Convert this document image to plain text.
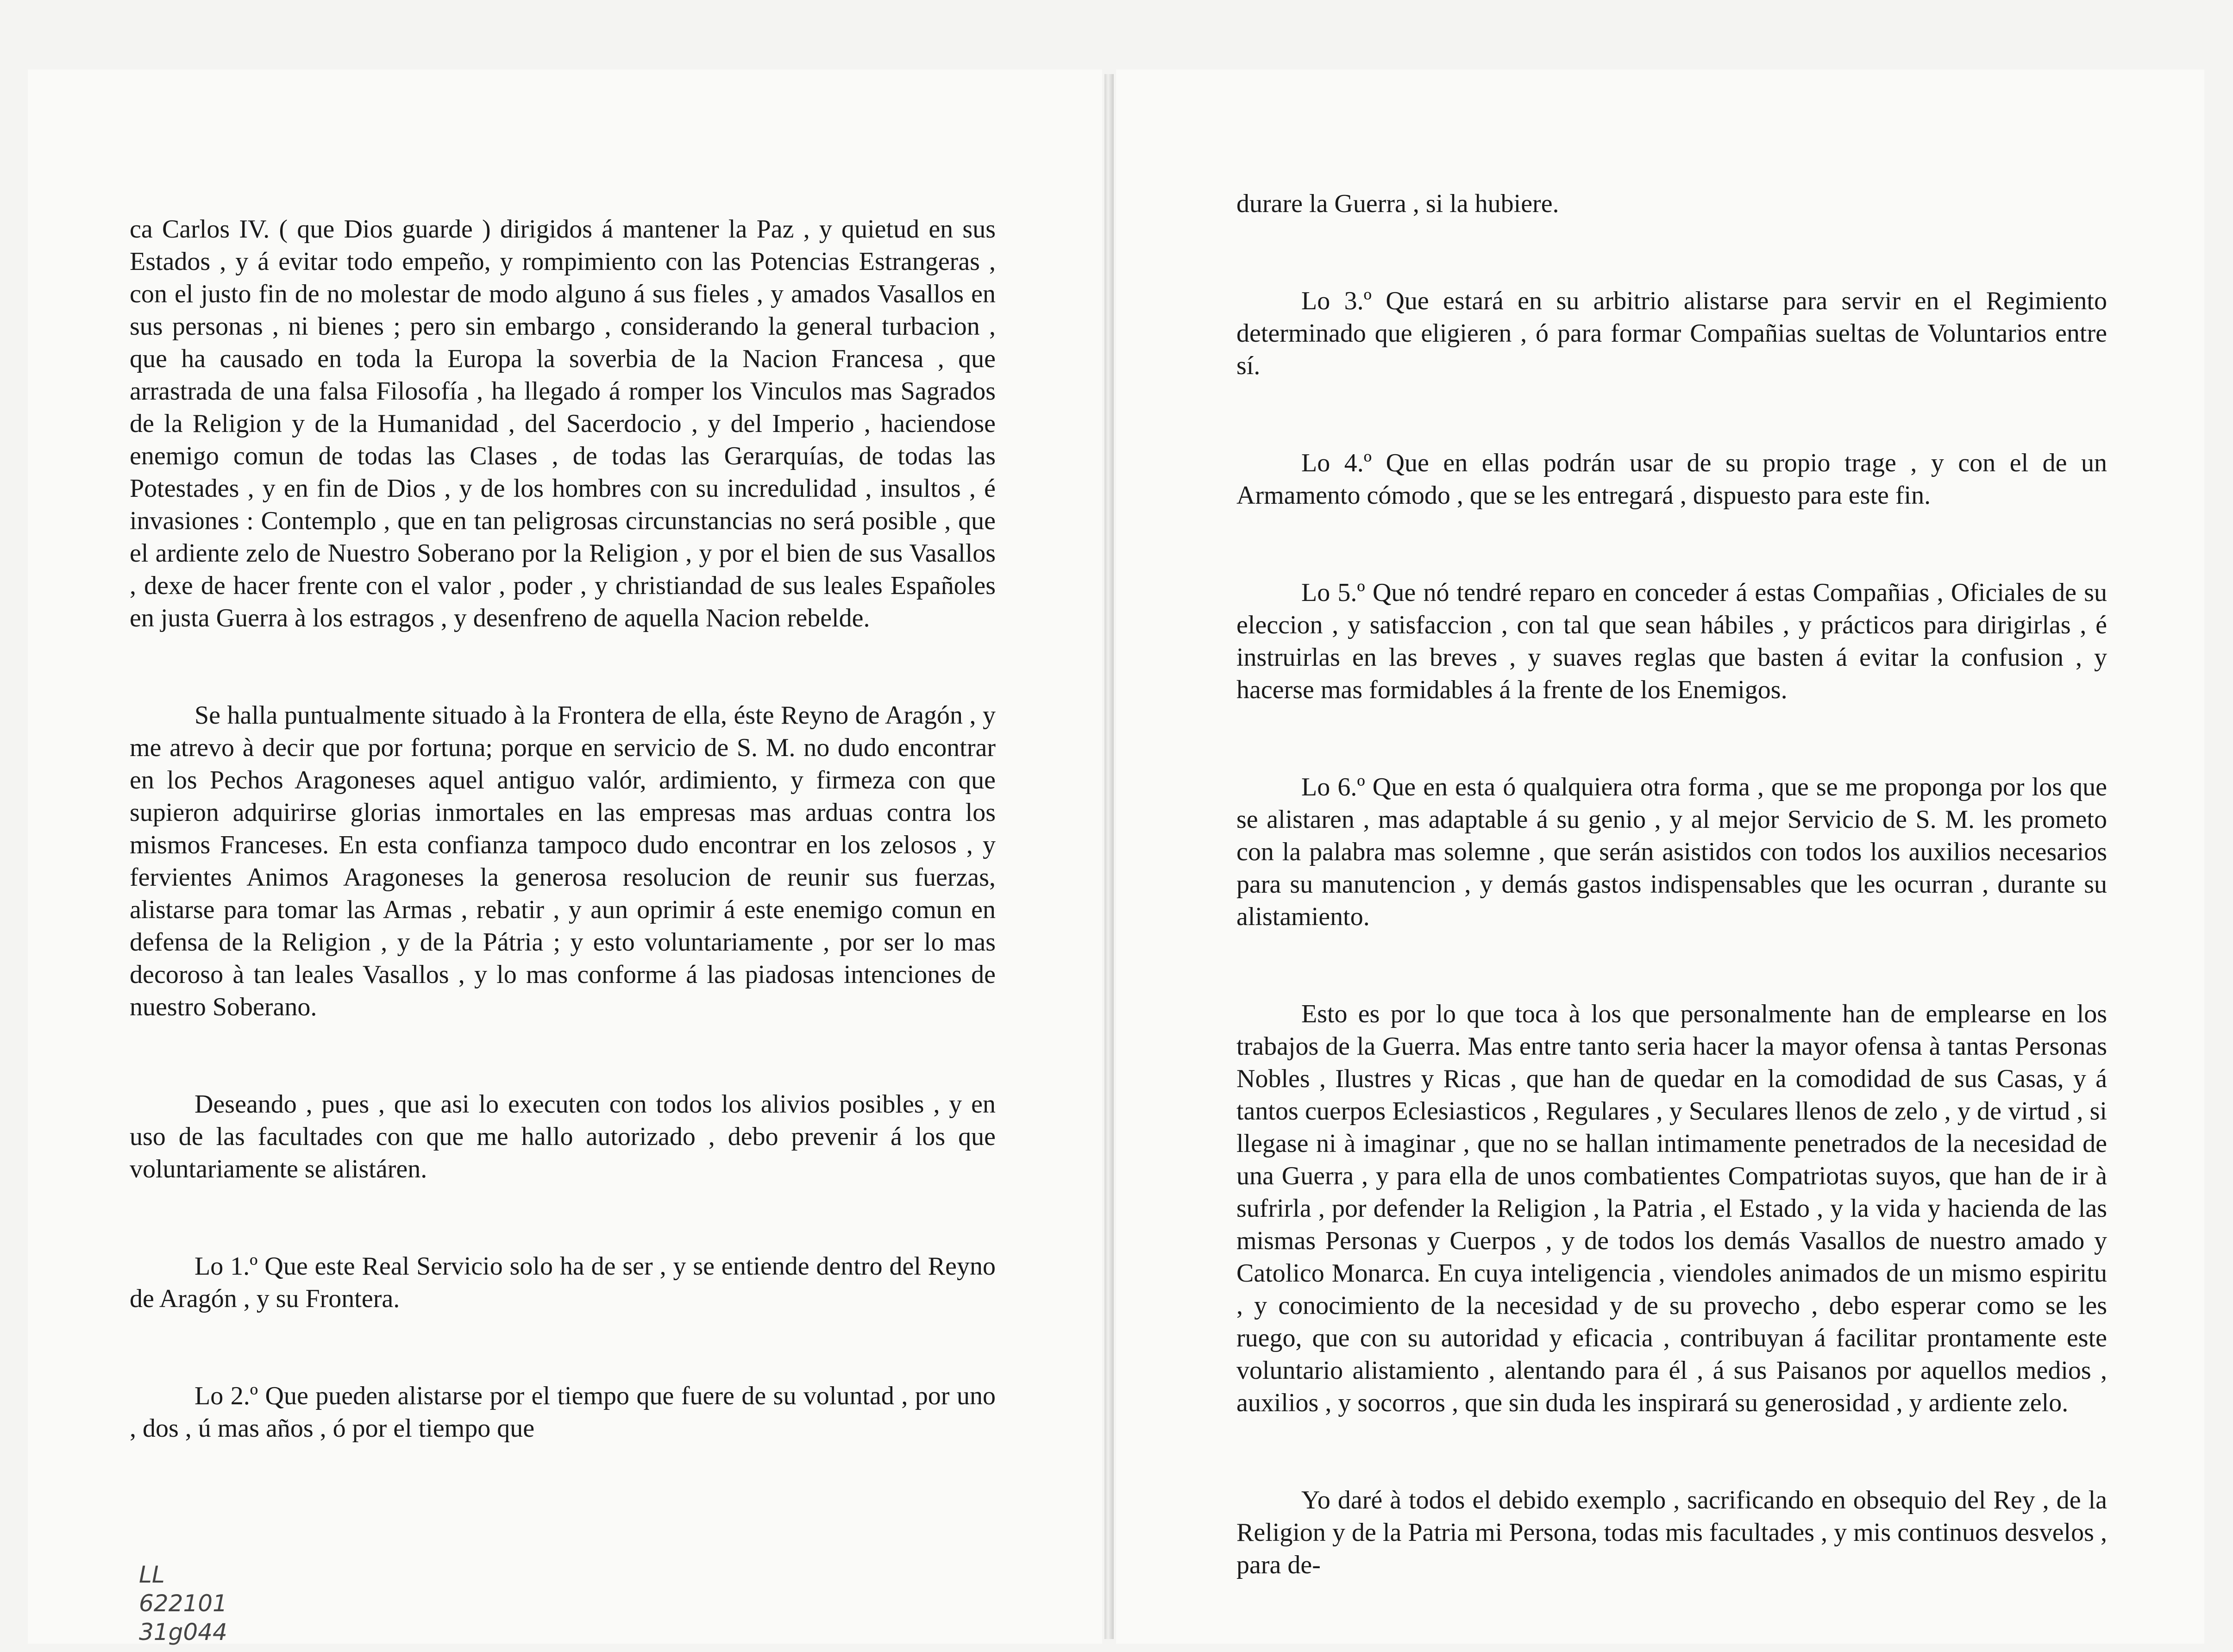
ca Carlos IV. ( que Dios guarde ) dirigidos á mantener la Paz , y quietud en sus Estados , y á evitar todo empeño, y rompimiento con las Potencias Estrangeras , con el justo fin de no molestar de modo alguno á sus fieles , y amados Vasallos en sus personas , ni bienes ; pero sin embargo , considerando la general turbacion , que ha causado en toda la Europa la soverbia de la Nacion Francesa , que arrastrada de una falsa Filosofía , ha llegado á romper los Vinculos mas Sagrados de la Religion y de la Humanidad , del Sacerdocio , y del Imperio , haciendose enemigo comun de todas las Clases , de todas las Gerarquías, de todas las Potestades , y en fin de Dios , y de los hombres con su incredulidad , insultos , é invasiones : Contemplo , que en tan peligrosas circunstancias no será posible , que el ardiente zelo de Nuestro Soberano por la Religion , y por el bien de sus Vasallos , dexe de hacer frente con el valor , poder , y christiandad de sus leales Españoles en justa Guerra à los estragos , y desenfreno de aquella Nacion rebelde.

Se halla puntualmente situado à la Frontera de ella, éste Reyno de Aragón , y me atrevo à decir que por fortuna; porque en servicio de S. M. no dudo encontrar en los Pechos Aragoneses aquel antiguo valór, ardimiento, y firmeza con que supieron adquirirse glorias inmortales en las empresas mas arduas contra los mismos Franceses. En esta confianza tampoco dudo encontrar en los zelosos , y fervientes Animos Aragoneses la generosa resolucion de reunir sus fuerzas, alistarse para tomar las Armas , rebatir , y aun oprimir á este enemigo comun en defensa de la Religion , y de la Pátria ; y esto voluntariamente , por ser lo mas decoroso à tan leales Vasallos , y lo mas conforme á las piadosas intenciones de nuestro Soberano.

Deseando , pues , que asi lo executen con todos los alivios posibles , y en uso de las facultades con que me hallo autorizado , debo prevenir á los que voluntariamente se alistáren.

Lo 1.º Que este Real Servicio solo ha de ser , y se entiende dentro del Reyno de Aragón , y su Frontera.

Lo 2.º Que pueden alistarse por el tiempo que fuere de su voluntad , por uno , dos , ú mas años , ó por el tiempo que

LL
622101
31g044

durare la Guerra , si la hubiere.

Lo 3.º Que estará en su arbitrio alistarse para servir en el Regimiento determinado que eligieren , ó para formar Compañias sueltas de Voluntarios entre sí.

Lo 4.º Que en ellas podrán usar de su propio trage , y con el de un Armamento cómodo , que se les entregará , dispuesto para este fin.

Lo 5.º Que nó tendré reparo en conceder á estas Compañias , Oficiales de su eleccion , y satisfaccion , con tal que sean hábiles , y prácticos para dirigirlas , é instruirlas en las breves , y suaves reglas que basten á evitar la confusion , y hacerse mas formidables á la frente de los Enemigos.

Lo 6.º Que en esta ó qualquiera otra forma , que se me proponga por los que se alistaren , mas adaptable á su genio , y al mejor Servicio de S. M. les prometo con la palabra mas solemne , que serán asistidos con todos los auxilios necesarios para su manutencion , y demás gastos indispensables que les ocurran , durante su alistamiento.

Esto es por lo que toca à los que personalmente han de emplearse en los trabajos de la Guerra. Mas entre tanto seria hacer la mayor ofensa à tantas Personas Nobles , Ilustres y Ricas , que han de quedar en la comodidad de sus Casas, y á tantos cuerpos Eclesiasticos , Regulares , y Seculares llenos de zelo , y de virtud , si llegase ni à imaginar , que no se hallan intimamente penetrados de la necesidad de una Guerra , y para ella de unos combatientes Compatriotas suyos, que han de ir à sufrirla , por defender la Religion , la Patria , el Estado , y la vida y hacienda de las mismas Personas y Cuerpos , y de todos los demás Vasallos de nuestro amado y Catolico Monarca. En cuya inteligencia , viendoles animados de un mismo espiritu , y conocimiento de la necesidad y de su provecho , debo esperar como se les ruego, que con su autoridad y eficacia , contribuyan á facilitar prontamente este voluntario alistamiento , alentando para él , á sus Paisanos por aquellos medios , auxilios , y socorros , que sin duda les inspirará su generosidad , y ardiente zelo.

Yo daré à todos el debido exemplo , sacrificando en obsequio del Rey , de la Religion y de la Patria mi Persona, todas mis facultades , y mis continuos desvelos , para de-
